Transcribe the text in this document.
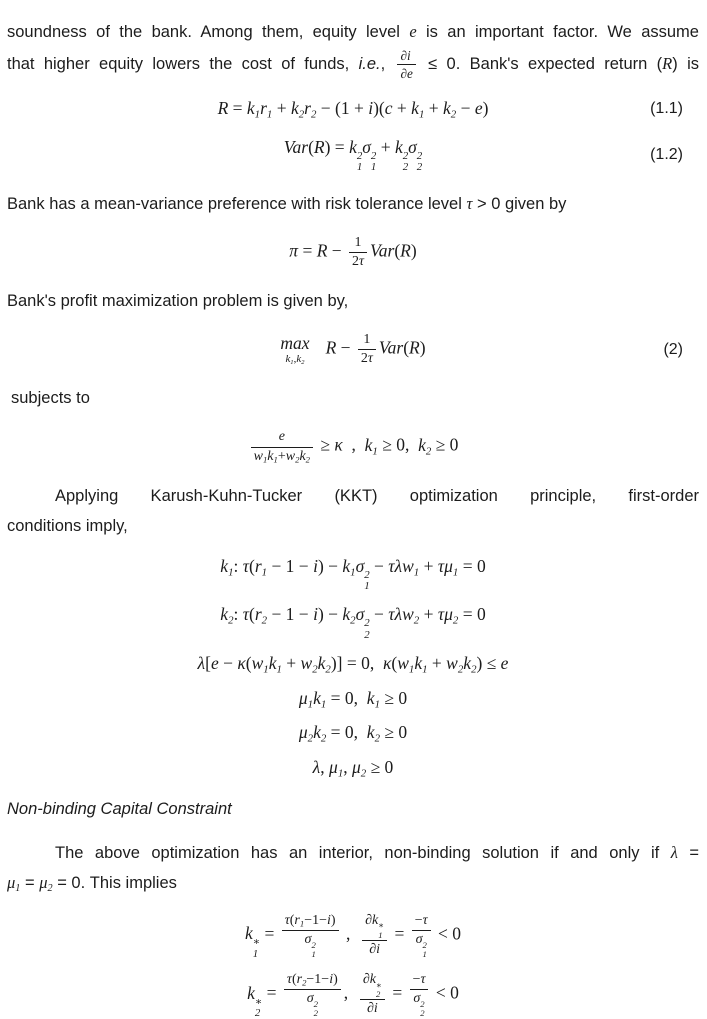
soundness of the bank. Among them, equity level e is an important factor. We assume
that higher equity lowers the cost of funds, i.e., $\frac{\partial i}{\partial e} \le 0$. Bank's expected return (R) is
$R = k_1r_1 + k_2r_2 - (1 + i)(c + k_1 + k_2 - e)$	(1.1)
Var(R) = k 2
1
σ 2
1
+ k 2
2
σ 2
2
(1.2)
Bank has a mean-variance preference with risk tolerance level τ > 0 given by
$\pi = R - \frac{1}{2\tau} Var(R)$
Bank's profit maximization problem is given by,
max
$k_1,k_2$
$R - \frac{1}{2\tau} Var(R)$	(2)
subjects to
$\frac{e}{w_1k_1+w_2k_2} \ge \kappa$  ,  $k_1 \ge 0$,  $k_2 \ge 0$
Applying Karush-Kuhn-Tucker (KKT) optimization principle, first-order
conditions imply,
$k_1$: $\tau(r_1 - 1 - i) - k_1\sigma$ 2
1
− $\tau\lambda w_1 + \tau\mu_1 = 0$
$k_2$: $\tau(r_2 - 1 - i) - k_2\sigma$ 2
2
− $\tau\lambda w_2 + \tau\mu_2 = 0$
$\lambda[e - \kappa(w_1k_1 + w_2k_2)] = 0$,  $\kappa(w_1k_1 + w_2k_2) \le e$
$\mu_1k_1 = 0$,  $k_1 \ge 0$
$\mu_2k_2 = 0$,  $k_2 \ge 0$
λ, $\mu_1$, $\mu_2 \ge 0$
Non-binding Capital Constraint
The above optimization has an interior, non-binding solution if and only if λ =
$\mu_1 = \mu_2 = 0$. This implies
k ∗
1
= $\tau(r_1-1-i)$
σ 2
1 , ∂k ∗
1
∂i = −τ
σ 2
1 < 0
k ∗
2
= $\tau(r_2-1-i)$
σ 2
2 , ∂k ∗
2
∂i = −τ
σ 2
2 < 0
